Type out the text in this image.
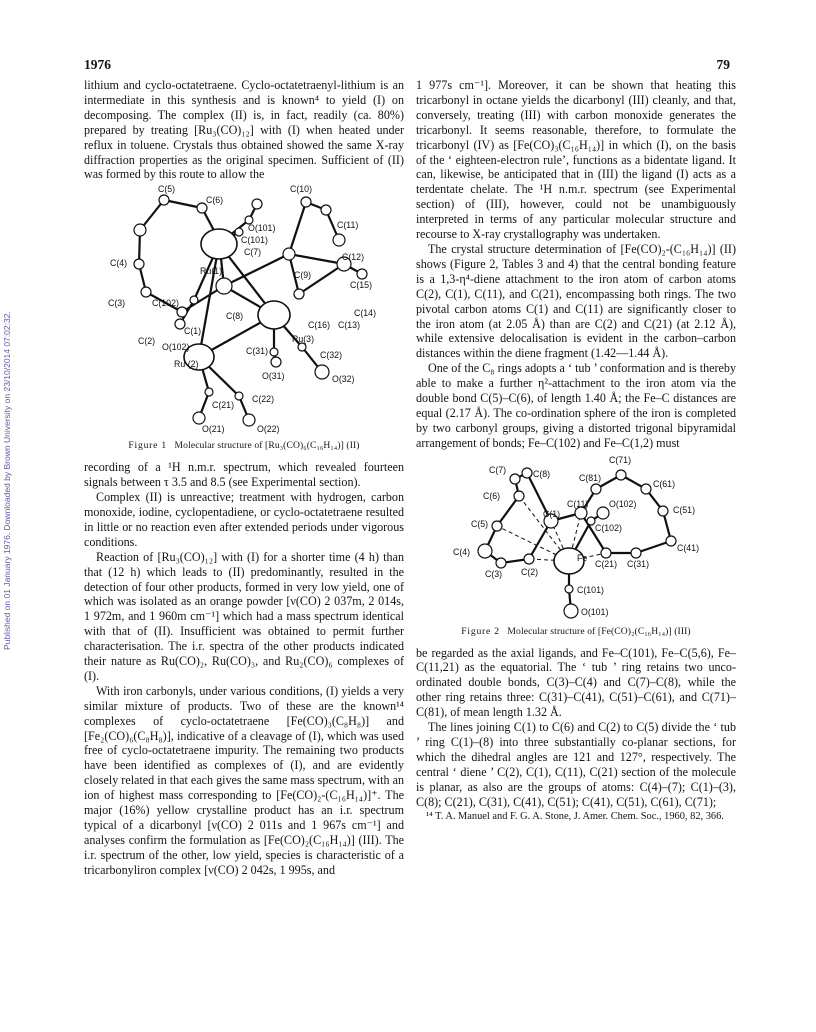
Published on 01 January 1976. Downloaded by Brown University on 23/10/2014 07:02:32.
1976	79

lithium and cyclo-octatetraene. Cyclo-octatetraenyl-lithium is an intermediate in this synthesis and is known⁴ to yield (I) on decomposing. The complex (II) is, in fact, readily (ca. 80%) prepared by treating [Ru₃(CO)₁₂] with (I) when heated under reflux in toluene. Crystals thus obtained showed the same X-ray diffraction properties as the original specimen. Sufficient of (II) was formed by this route to allow the

C(5)
C(6)
C(10)
O(101)	C(11)
C(101)
C(7)	C(12)
C(4)
Ru(1)	C(9)
C(15)
C(3)	C(102)
C(8)	C(14)
C(1)
C(16) C(13)
C(2)
O(102)
Ru(3)
C(31)
Ru (2)
O(31)
C(32)
C(22)
C(21)
O(32)
O(21)	O(22)
Figure 1 Molecular structure of [Ru₃(CO)₆(C₁₆H₁₄)] (II)

recording of a ¹H n.m.r. spectrum, which revealed fourteen signals between τ 3.5 and 8.5 (see Experimental section).

Complex (II) is unreactive; treatment with hydrogen, carbon monoxide, iodine, cyclopentadiene, or cyclo-octatetraene resulted in little or no reaction even after extended periods under vigorous conditions.

Reaction of [Ru₃(CO)₁₂] with (I) for a shorter time (4 h) than that (12 h) which leads to (II) predominantly, resulted in the detection of four other products, formed in very low yield, one of which was isolated as an orange powder [ν(CO) 2 037m, 2 014s, 1 972m, and 1 960m cm⁻¹] which had a mass spectrum identical with that of (II). Insufficient was obtained to permit further characterisation. The i.r. spectra of the other products indicated their nature as Ru(CO)₂, Ru(CO)₃, and Ru₂(CO)₆ complexes of (I).

With iron carbonyls, under various conditions, (I) yields a very similar mixture of products. Two of these are the known¹⁴ complexes of cyclo-octatetraene [Fe(CO)₃(C₈H₈)] and [Fe₂(CO)₆(C₈H₈)], indicative of a cleavage of (I), which was used free of cyclo-octatetraene impurity. The remaining two products have been identified as complexes of (I), and are evidently closely related in that each gives the same mass spectrum, with an ion of highest mass corresponding to [Fe(CO)₂-(C₁₆H₁₄)]⁺. The major (16%) yellow crystalline product has an i.r. spectrum typical of a dicarbonyl [ν(CO) 2 011s and 1 967s cm⁻¹] and analyses confirm the formulation as [Fe(CO)₂(C₁₆H₁₄)] (III). The i.r. spectrum of the other, low yield, species is characteristic of a tricarbonyliron complex [ν(CO) 2 042s, 1 995s, and

1 977s cm⁻¹]. Moreover, it can be shown that heating this tricarbonyl in octane yields the dicarbonyl (III) cleanly, and that, conversely, treating (III) with carbon monoxide generates the tricarbonyl. It seems reasonable, therefore, to formulate the tricarbonyl (IV) as [Fe(CO)₃(C₁₆H₁₄)] in which (I), on the basis of the ‘ eighteen-electron rule’, functions as a bidentate ligand. It can, likewise, be anticipated that in (III) the ligand (I) acts as a terdentate chelate. The ¹H n.m.r. spectrum (see Experimental section) of (III), however, could not be unambiguously interpreted in terms of any particular molecular structure and recourse to X-ray crystallography was undertaken.

The crystal structure determination of [Fe(CO)₂-(C₁₆H₁₄)] (II) shows (Figure 2, Tables 3 and 4) that the central bonding feature is a 1,3-η⁴-diene attachment to the iron atom of carbon atoms C(2), C(1), C(11), and C(21), encompassing both rings. The two pivotal carbon atoms C(1) and C(11) are significantly closer to the iron atom (at 2.05 Å) than are C(2) and C(21) (at 2.12 Å), while extensive delocalisation is evident in the carbon–carbon distances within the diene fragment (1.42—1.44 Å).

One of the C₈ rings adopts a ‘ tub ’ conformation and is thereby able to make a further η²-attachment to the iron atom via the double bond C(5)–C(6), of length 1.40 Å; the Fe–C distances are equal (2.17 Å). The co-ordination sphere of the iron is completed by two carbonyl groups, giving a distorted trigonal bipyramidal arrangement of bonds; Fe–C(102) and Fe–C(1,2) must

C(7)	C(8)
C(71)
C(81)
C(61)
C(6)
C(1)
C(11) O(102)
C(51)
C(5)	C(102)
C(41)
Fe
C(4)
C(21) C(31)
C(3) C(2)
C(101)
O(101)
Figure 2 Molecular structure of [Fe(CO)₂(C₁₆H₁₄)] (III)

be regarded as the axial ligands, and Fe–C(101), Fe–C(5,6), Fe–C(11,21) as the equatorial. The ‘ tub ’ ring retains two unco-ordinated double bonds, C(3)–C(4) and C(7)–C(8), while the other ring retains three: C(31)–C(41), C(51)–C(61), and C(71)–C(81), of mean length 1.32 Å.

The lines joining C(1) to C(6) and C(2) to C(5) divide the ‘ tub ’ ring C(1)–(8) into three substantially co-planar sections, for which the dihedral angles are 121 and 127°, respectively. The central ‘ diene ’ C(2), C(1), C(11), C(21) section of the molecule is planar, as also are the groups of atoms: C(4)–(7); C(1)–(3), C(8); C(21), C(31), C(41), C(51); C(41), C(51), C(61), C(71);

¹⁴ T. A. Manuel and F. G. A. Stone, J. Amer. Chem. Soc., 1960, 82, 366.
